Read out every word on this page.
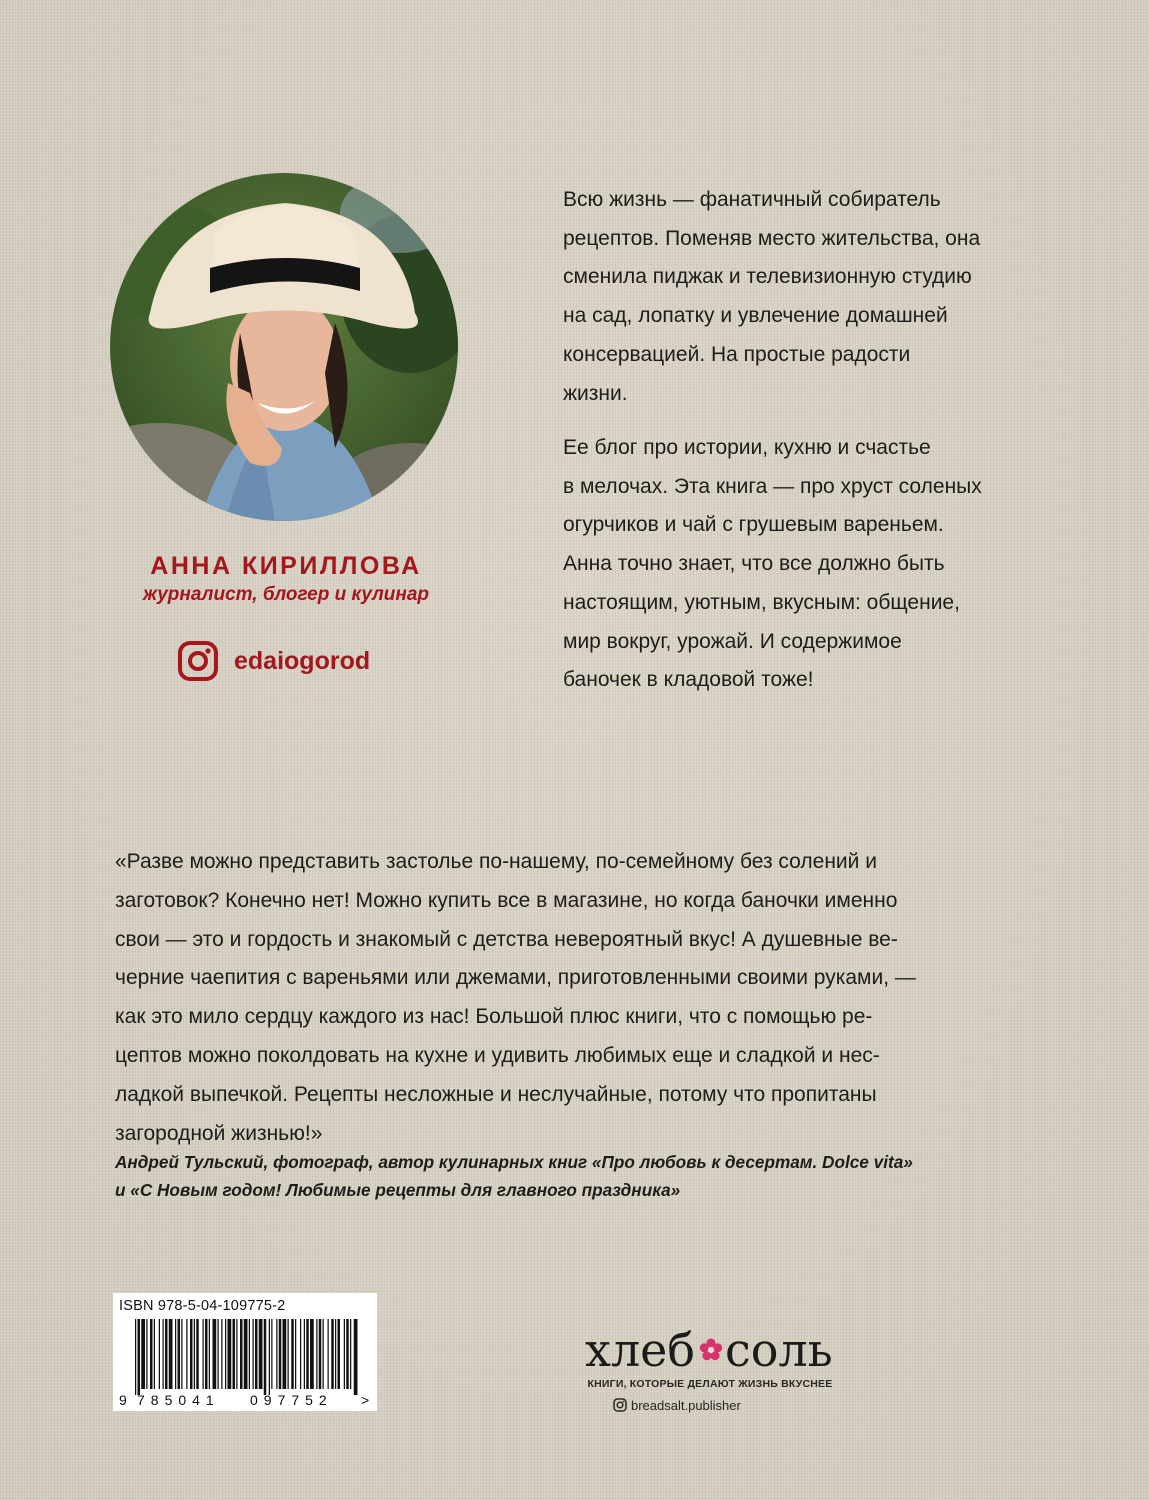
АННА КИРИЛЛОВА
журналист, блогер и кулинар
edaiogorod
Всю жизнь — фанатичный собиратель
рецептов. Поменяв место жительства, она
сменила пиджак и телевизионную студию
на сад, лопатку и увлечение домашней
консервацией. На простые радости
жизни.
Ее блог про истории, кухню и счастье
в мелочах. Эта книга — про хруст соленых
огурчиков и чай с грушевым вареньем.
Анна точно знает, что все должно быть
настоящим, уютным, вкусным: общение,
мир вокруг, урожай. И содержимое
баночек в кладовой тоже!
«Разве можно представить застолье по-нашему, по-семейному без солений и
заготовок? Конечно нет! Можно купить все в магазине, но когда баночки именно
свои — это и гордость и знакомый с детства невероятный вкус! А душевные ве-
черние чаепития с вареньями или джемами, приготовленными своими руками, —
как это мило сердцу каждого из нас! Большой плюс книги, что с помощью ре-
цептов можно поколдовать на кухне и удивить любимых еще и сладкой и нес-
ладкой выпечкой. Рецепты несложные и неслучайные, потому что пропитаны
загородной жизнью!»
Андрей Тульский, фотограф, автор кулинарных книг «Про любовь к десертам. Dolce vita»
и «С Новым годом! Любимые рецепты для главного праздника»
ISBN 978-5-04-109775-2
9 785041 097752 >
хлеб соль
КНИГИ, КОТОРЫЕ ДЕЛАЮТ ЖИЗНЬ ВКУСНЕЕ
breadsalt.publisher
